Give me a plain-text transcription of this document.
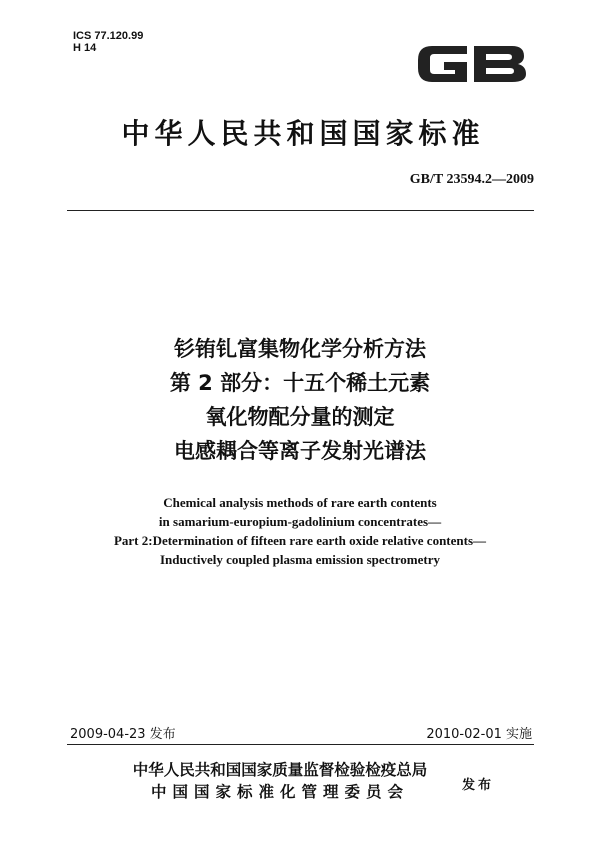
ICS 77.120.99
H 14
中华人民共和国国家标准
GB/T 23594.2—2009
钐铕钆富集物化学分析方法
第 2 部分：十五个稀土元素
氧化物配分量的测定
电感耦合等离子发射光谱法
Chemical analysis methods of rare earth contents
in samarium-europium-gadolinium concentrates—
Part 2:Determination of fifteen rare earth oxide relative contents—
Inductively coupled plasma emission spectrometry
2009-04-23 发布	2010-02-01 实施
中华人民共和国国家质量监督检验检疫总局
中国国家标准化管理委员会	发布
